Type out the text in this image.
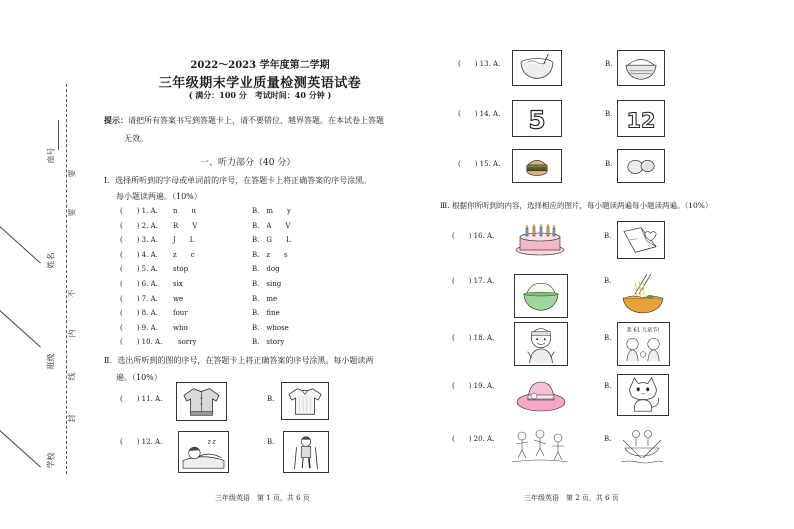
座号
姓名
班级
学校
要
要
不
内
线
封
2022～2023 学年度第二学期
三年级期末学业质量检测英语试卷
( 满分：100 分　考试时间：40 分钟 )
提示：请把所有答案书写到答题卡上，请不要错位、越界答题。在本试卷上答题
无效。
一、听力部分（40 分）
Ⅰ．选择所听到的字母或单词前的序号，在答题卡上将正确答案的序号涂黑。
每小题读两遍。（10%）
(　　) 1. A. n　　u	B.　m　　y
(　　) 2. A. R　　V	B.　A　　V
(　　) 3. A. J　　L	B.　G　　L
(　　) 4. A. z　　c	B.　z　　s
(　　) 5. A. stop	B.　dog
(　　) 6. A. six	B.　sing
(　　) 7. A. we	B.　me
(　　) 8. A. four	B.　fine
(　　) 9. A. who	B.　whose
(　　) 10. A. sorry	B.　story
Ⅱ．选出所听到的图的序号，在答题卡上将正确答案的序号涂黑。每小题读两
遍。（10%）
(　　) 11. A.	B.
(　　) 12. A.	z z	B.
三年级英语　第 1 页，共 6 页
(　　) 13. A.	B.
(　　) 14. A. 5	B. 12
(　　) 15. A.	B.
Ⅲ. 根据你所听到的内容，选择相应的图片，每小题读两遍每小题读两遍。（10%）
(　　) 16. A.	B.
(　　) 17. A.	B.
(　　) 18. A.	B.
我 61 儿童节!
(　　) 19. A.	B.
(　　) 20. A.	B.
三年级英语　第 2 页，共 6 页
